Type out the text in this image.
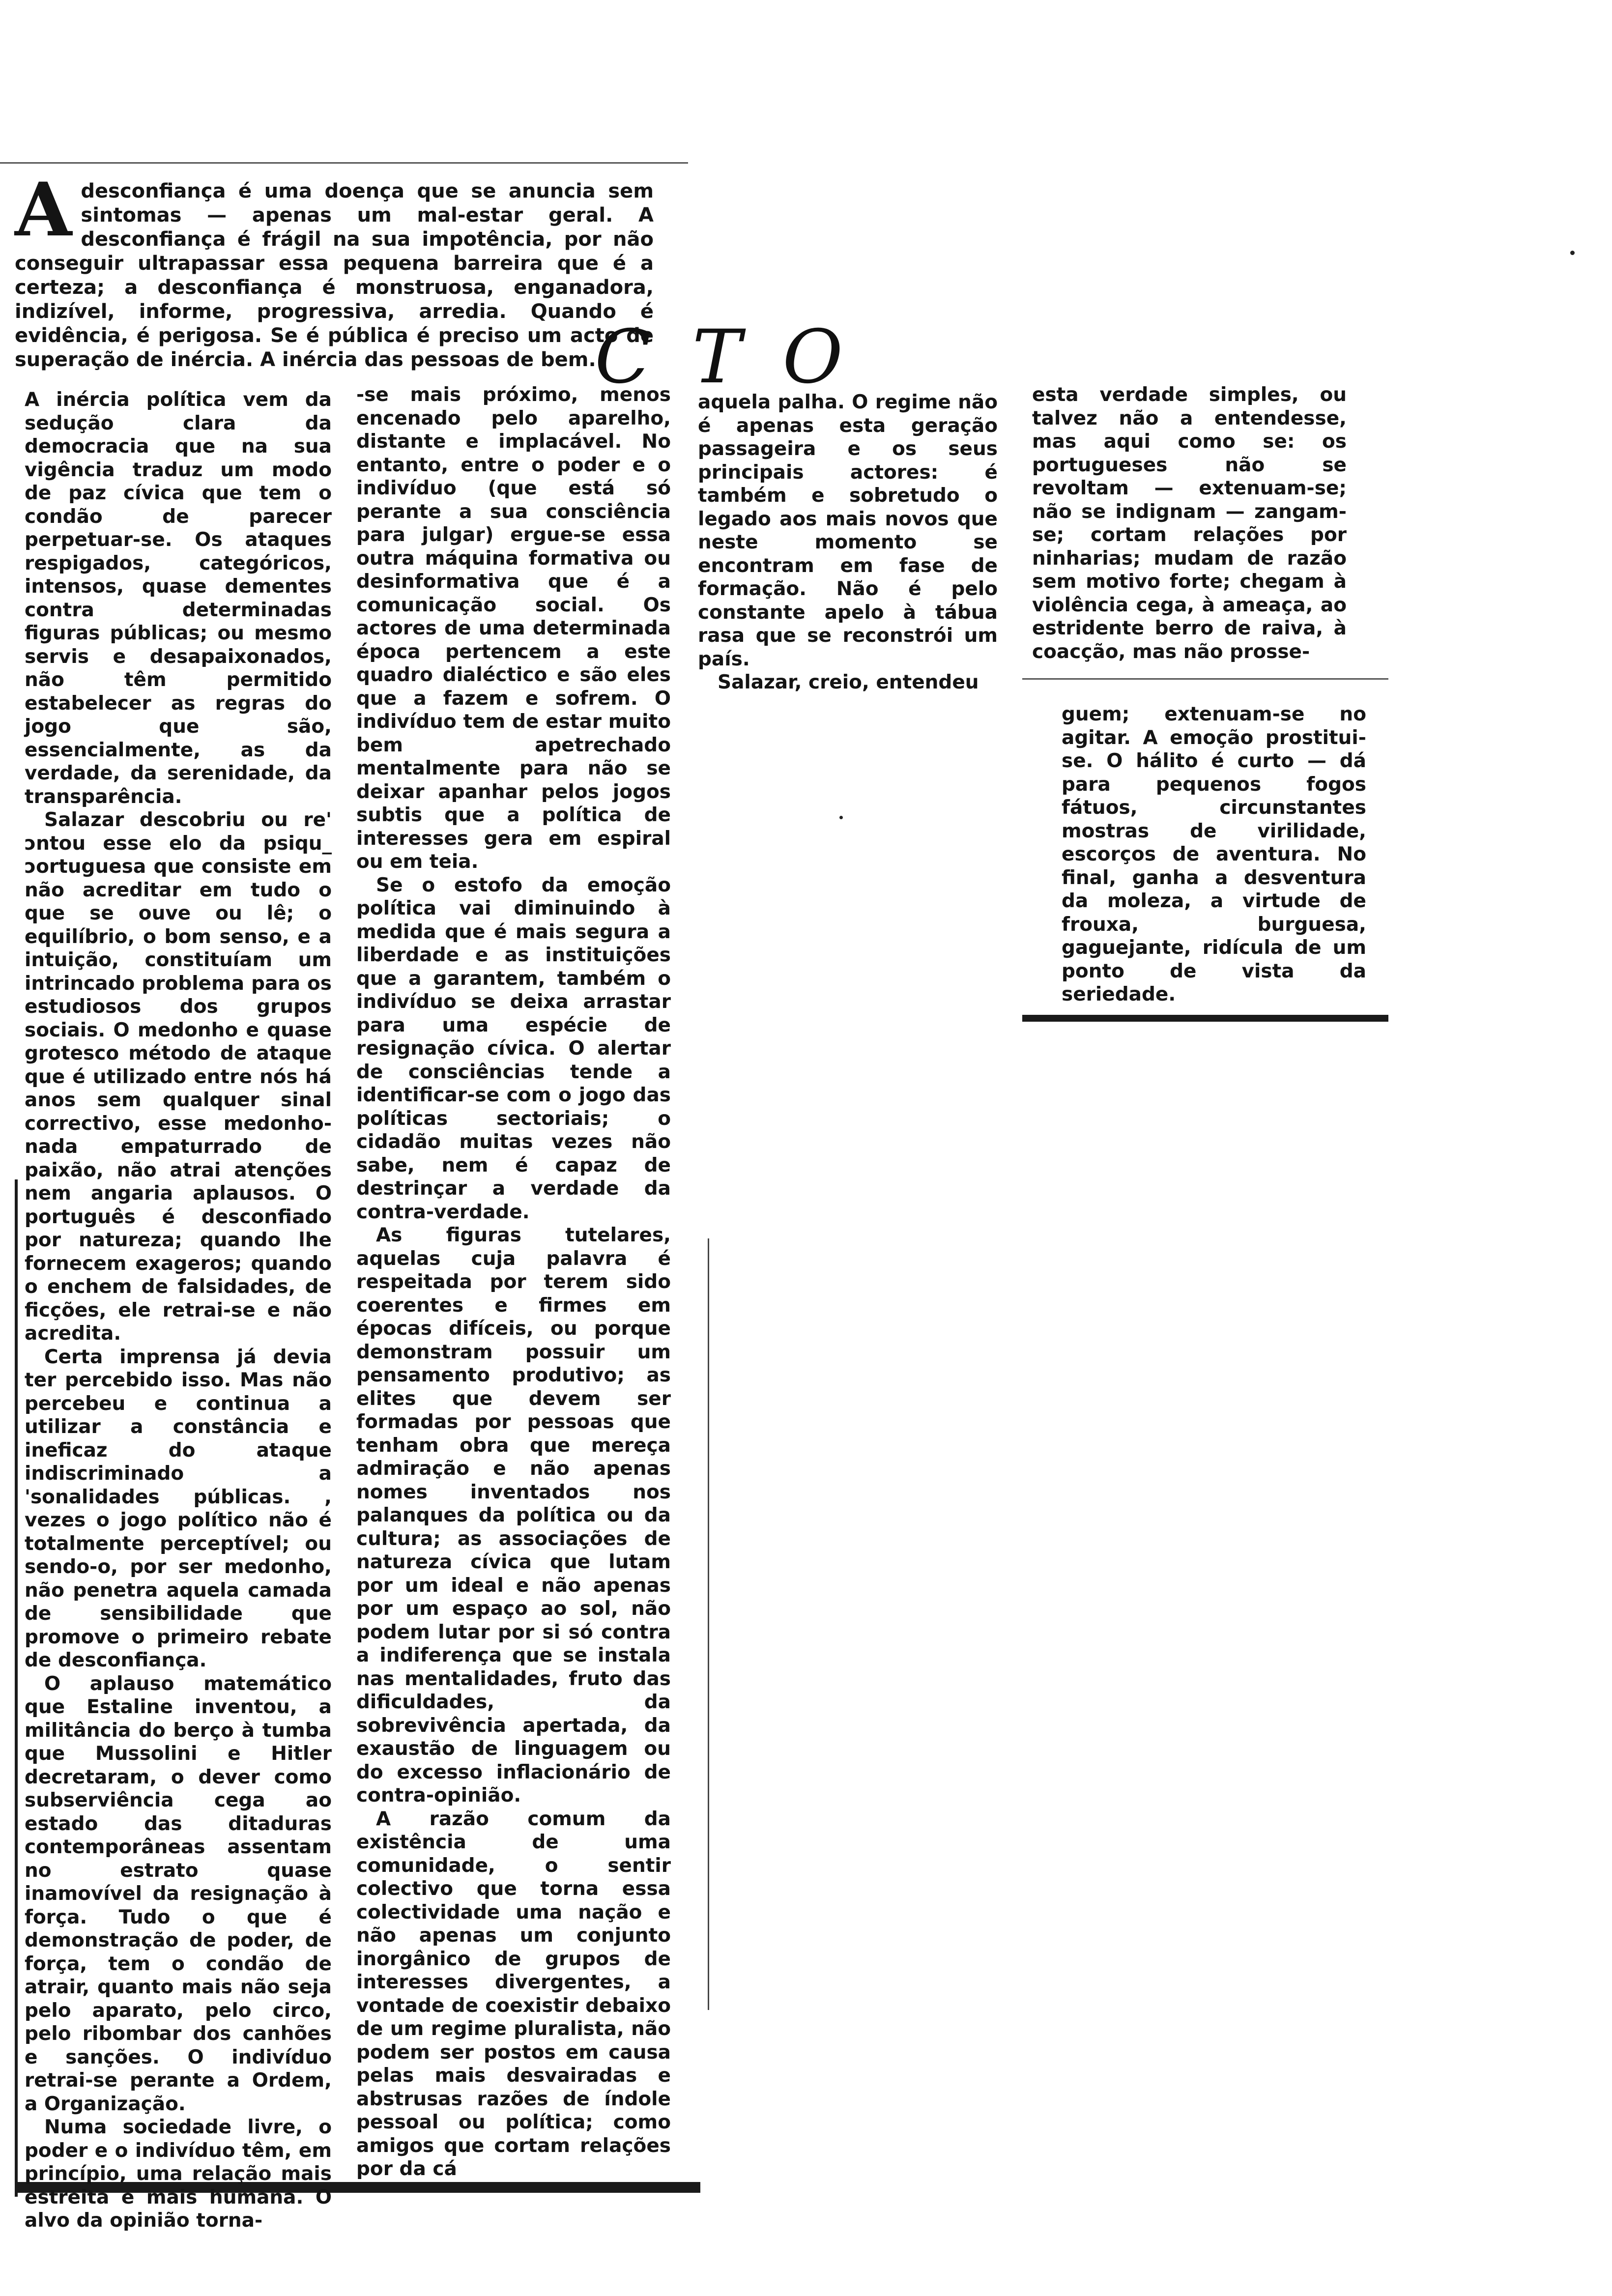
A desconfiança é uma doença que se anuncia sem sintomas — apenas um mal-estar geral. A desconfiança é frágil na sua impotência, por não conseguir ultrapassar essa pequena barreira que é a certeza; a desconfiança é monstruosa, enganadora, indizível, informe, progressiva, arredia. Quando é evidência, é perigosa. Se é pública é preciso um acto de superação de inércia. A inércia das pessoas de bem.
C T O

A inércia política vem da sedução clara da democracia que na sua vigência traduz um modo de paz cívica que tem o condão de parecer perpetuar-se. Os ataques respigados, categóricos, intensos, quase dementes contra determinadas figuras públicas; ou mesmo servis e desapaixonados, não têm permitido estabelecer as regras do jogo que são, essencialmente, as da verdade, da serenidade, da transparência.

Salazar descobriu ou re' ɔntou esse elo da psiqu_ ɔortuguesa que consiste em não acreditar em tudo o que se ouve ou lê; o equilíbrio, o bom senso, e a intuição, constituíam um intrincado problema para os estudiosos dos grupos sociais. O medonho e quase grotesco método de ataque que é utilizado entre nós há anos sem qualquer sinal correctivo, esse medonho-nada empaturrado de paixão, não atrai atenções nem angaria aplausos. O português é desconfiado por natureza; quando lhe fornecem exageros; quando o enchem de falsidades, de ficções, ele retrai-se e não acredita.

Certa imprensa já devia ter percebido isso. Mas não percebeu e continua a utilizar a constância e ineficaz do ataque indiscriminado a 'sonalidades públicas. , vezes o jogo político não é totalmente perceptível; ou sendo-o, por ser medonho, não penetra aquela camada de sensibilidade que promove o primeiro rebate de desconfiança.

O aplauso matemático que Estaline inventou, a militância do berço à tumba que Mussolini e Hitler decretaram, o dever como subserviência cega ao estado das ditaduras contemporâneas assentam no estrato quase inamovível da resignação à força. Tudo o que é demonstração de poder, de força, tem o condão de atrair, quanto mais não seja pelo aparato, pelo circo, pelo ribombar dos canhões e sanções. O indivíduo retrai-se perante a Ordem, a Organização.

Numa sociedade livre, o poder e o indivíduo têm, em princípio, uma relação mais estreita e mais humana. O alvo da opinião torna-

-se mais próximo, menos encenado pelo aparelho, distante e implacável. No entanto, entre o poder e o indivíduo (que está só perante a sua consciência para julgar) ergue-se essa outra máquina formativa ou desinformativa que é a comunicação social. Os actores de uma determinada época pertencem a este quadro dialéctico e são eles que a fazem e sofrem. O indivíduo tem de estar muito bem apetrechado mentalmente para não se deixar apanhar pelos jogos subtis que a política de interesses gera em espiral ou em teia.

Se o estofo da emoção política vai diminuindo à medida que é mais segura a liberdade e as instituições que a garantem, também o indivíduo se deixa arrastar para uma espécie de resignação cívica. O alertar de consciências tende a identificar-se com o jogo das políticas sectoriais; o cidadão muitas vezes não sabe, nem é capaz de destrinçar a verdade da contra-verdade.

As figuras tutelares, aquelas cuja palavra é respeitada por terem sido coerentes e firmes em épocas difíceis, ou porque demonstram possuir um pensamento produtivo; as elites que devem ser formadas por pessoas que tenham obra que mereça admiração e não apenas nomes inventados nos palanques da política ou da cultura; as associações de natureza cívica que lutam por um ideal e não apenas por um espaço ao sol, não podem lutar por si só contra a indiferença que se instala nas mentalidades, fruto das dificuldades, da sobrevivência apertada, da exaustão de linguagem ou do excesso inflacionário de contra-opinião.

A razão comum da existência de uma comunidade, o sentir colectivo que torna essa colectividade uma nação e não apenas um conjunto inorgânico de grupos de interesses divergentes, a vontade de coexistir debaixo de um regime pluralista, não podem ser postos em causa pelas mais desvairadas e abstrusas razões de índole pessoal ou política; como amigos que cortam relações por da cá

aquela palha. O regime não é apenas esta geração passageira e os seus principais actores: é também e sobretudo o legado aos mais novos que neste momento se encontram em fase de formação. Não é pelo constante apelo à tábua rasa que se reconstrói um país.

Salazar, creio, entendeu

esta verdade simples, ou talvez não a entendesse, mas aqui como se: os portugueses não se revoltam — extenuam-se; não se indignam — zangam-se; cortam relações por ninharias; mudam de razão sem motivo forte; chegam à violência cega, à ameaça, ao estridente berro de raiva, à coacção, mas não prosse-

guem; extenuam-se no agitar. A emoção prostitui-se. O hálito é curto — dá para pequenos fogos fátuos, circunstantes mostras de virilidade, escorços de aventura. No final, ganha a desventura da moleza, a virtude de frouxa, burguesa, gaguejante, ridícula de um ponto de vista da seriedade.
